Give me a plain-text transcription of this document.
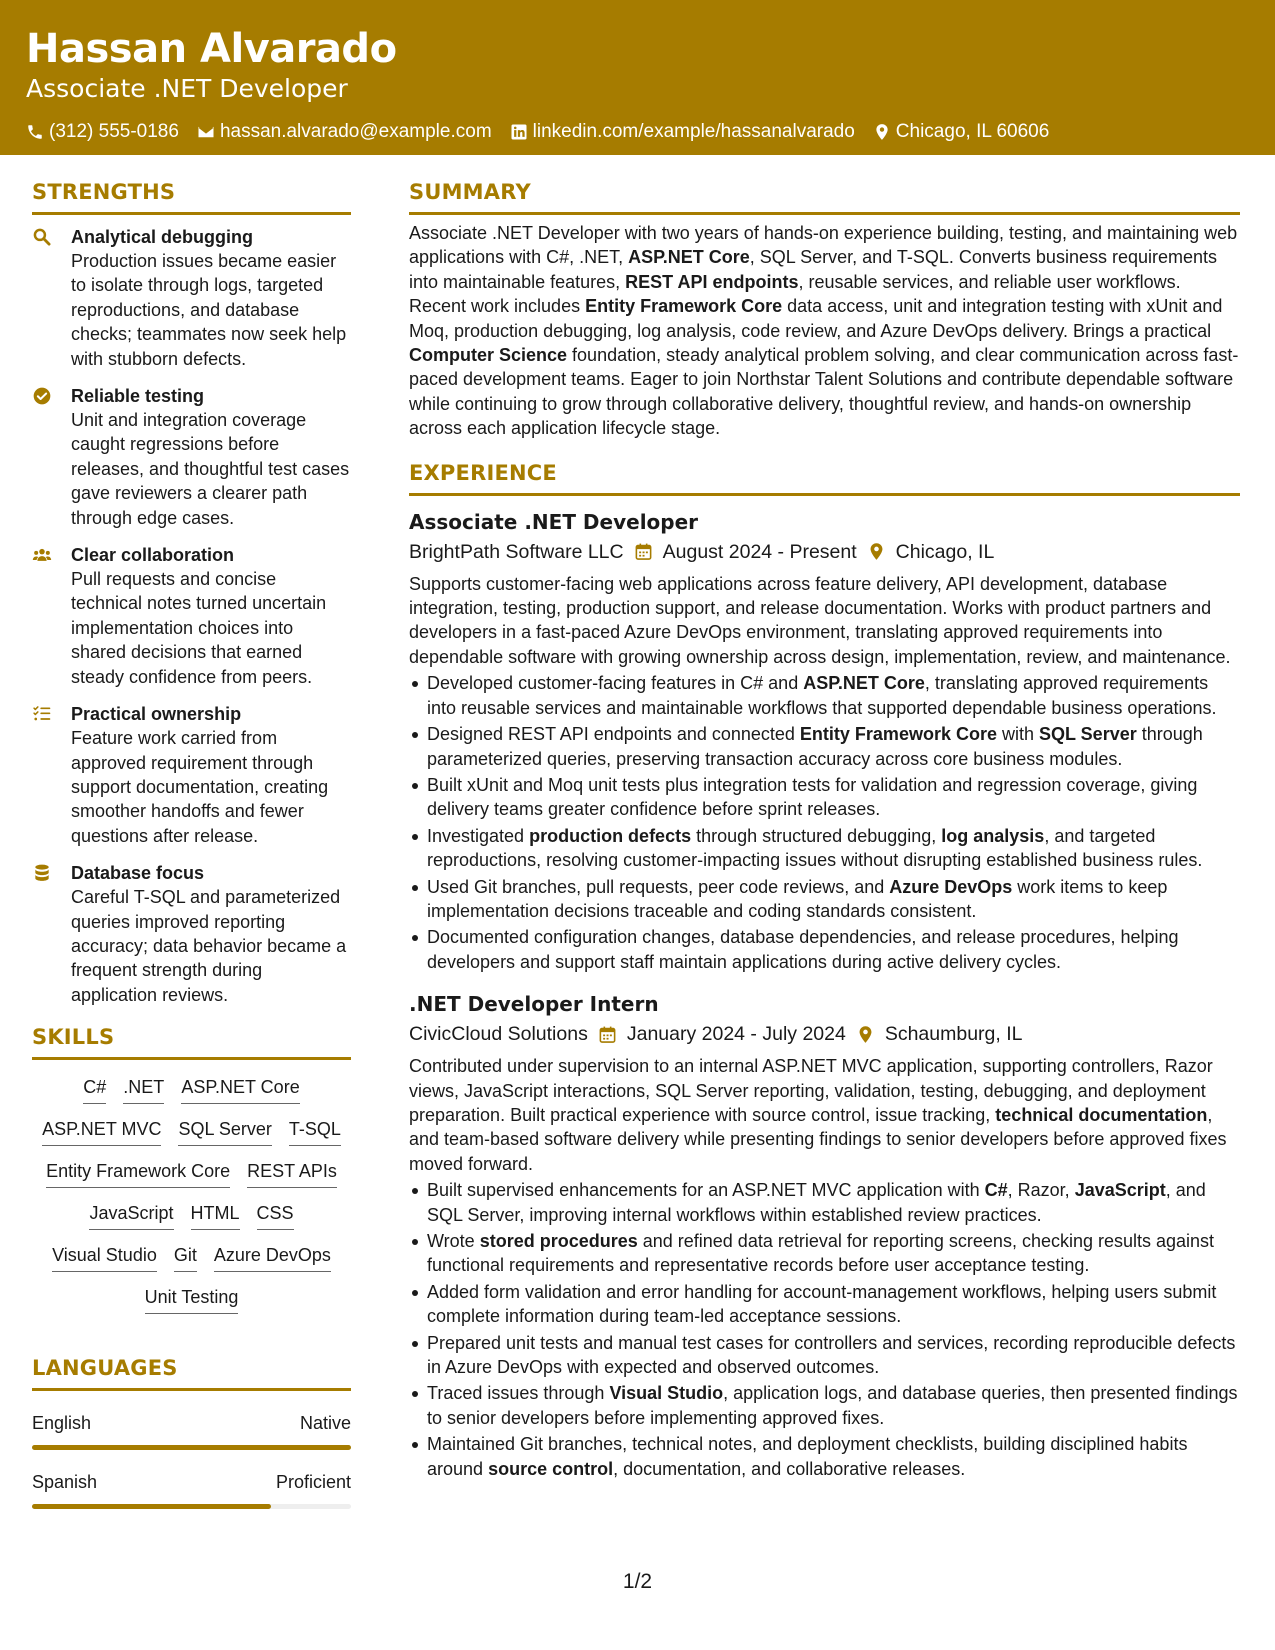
Hassan Alvarado
Associate .NET Developer
(312) 555-0186 hassan.alvarado@example.com linkedin.com/example/hassanalvarado Chicago, IL 60606
STRENGTHS
Analytical debugging
Production issues became easier to isolate through logs, targeted reproductions, and database checks; teammates now seek help with stubborn defects.
Reliable testing
Unit and integration coverage caught regressions before releases, and thoughtful test cases gave reviewers a clearer path through edge cases.
Clear collaboration
Pull requests and concise technical notes turned uncertain implementation choices into shared decisions that earned steady confidence from peers.
Practical ownership
Feature work carried from approved requirement through support documentation, creating smoother handoffs and fewer questions after release.
Database focus
Careful T-SQL and parameterized queries improved reporting accuracy; data behavior became a frequent strength during application reviews.
SKILLS
C# .NET ASP.NET Core
ASP.NET MVC SQL Server T-SQL
Entity Framework Core REST APIs
JavaScript HTML CSS
Visual Studio Git Azure DevOps
Unit Testing
LANGUAGES
English	Native
Spanish	Proficient
SUMMARY

Associate .NET Developer with two years of hands-on experience building, testing, and maintaining web applications with C#, .NET, ASP.NET Core, SQL Server, and T-SQL. Converts business requirements into maintainable features, REST API endpoints, reusable services, and reliable user workflows. Recent work includes Entity Framework Core data access, unit and integration testing with xUnit and Moq, production debugging, log analysis, code review, and Azure DevOps delivery. Brings a practical Computer Science foundation, steady analytical problem solving, and clear communication across fast-paced development teams. Eager to join Northstar Talent Solutions and contribute dependable software while continuing to grow through collaborative delivery, thoughtful review, and hands-on ownership across each application lifecycle stage.

EXPERIENCE
Associate .NET Developer
BrightPath Software LLC August 2024 - Present Chicago, IL

Supports customer-facing web applications across feature delivery, API development, database integration, testing, production support, and release documentation. Works with product partners and developers in a fast-paced Azure DevOps environment, translating approved requirements into dependable software with growing ownership across design, implementation, review, and maintenance.

Developed customer-facing features in C# and ASP.NET Core, translating approved requirements into reusable services and maintainable workflows that supported dependable business operations.
Designed REST API endpoints and connected Entity Framework Core with SQL Server through parameterized queries, preserving transaction accuracy across core business modules.
Built xUnit and Moq unit tests plus integration tests for validation and regression coverage, giving delivery teams greater confidence before sprint releases.
Investigated production defects through structured debugging, log analysis, and targeted reproductions, resolving customer-impacting issues without disrupting established business rules.
Used Git branches, pull requests, peer code reviews, and Azure DevOps work items to keep implementation decisions traceable and coding standards consistent.
Documented configuration changes, database dependencies, and release procedures, helping developers and support staff maintain applications during active delivery cycles.
.NET Developer Intern
CivicCloud Solutions January 2024 - July 2024 Schaumburg, IL

Contributed under supervision to an internal ASP.NET MVC application, supporting controllers, Razor views, JavaScript interactions, SQL Server reporting, validation, testing, debugging, and deployment preparation. Built practical experience with source control, issue tracking, technical documentation, and team-based software delivery while presenting findings to senior developers before approved fixes moved forward.

Built supervised enhancements for an ASP.NET MVC application with C#, Razor, JavaScript, and SQL Server, improving internal workflows within established review practices.
Wrote stored procedures and refined data retrieval for reporting screens, checking results against functional requirements and representative records before user acceptance testing.
Added form validation and error handling for account-management workflows, helping users submit complete information during team-led acceptance sessions.
Prepared unit tests and manual test cases for controllers and services, recording reproducible defects in Azure DevOps with expected and observed outcomes.
Traced issues through Visual Studio, application logs, and database queries, then presented findings to senior developers before implementing approved fixes.
Maintained Git branches, technical notes, and deployment checklists, building disciplined habits around source control, documentation, and collaborative releases.
1/2
